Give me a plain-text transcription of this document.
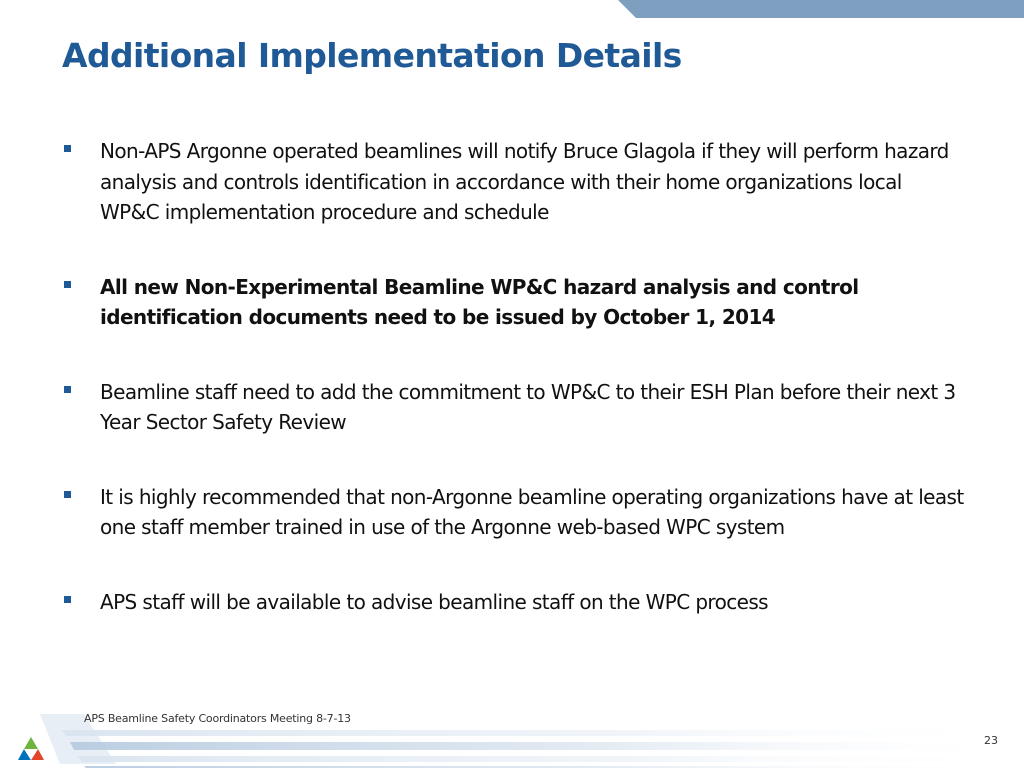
Additional Implementation Details
Non-APS Argonne operated beamlines will notify Bruce Glagola if they will perform hazard analysis and controls identification in accordance with their home organizations local WP&C implementation procedure and schedule
All new Non-Experimental Beamline WP&C hazard analysis and control identification documents need to be issued by October 1, 2014
Beamline staff need to add the commitment to WP&C to their ESH Plan before their next 3 Year Sector Safety Review
It is highly recommended that non-Argonne beamline operating organizations have at least one staff member trained in use of the Argonne web-based WPC system
APS staff will be available to advise beamline staff on the WPC process
APS Beamline Safety Coordinators Meeting 8-7-13
23
